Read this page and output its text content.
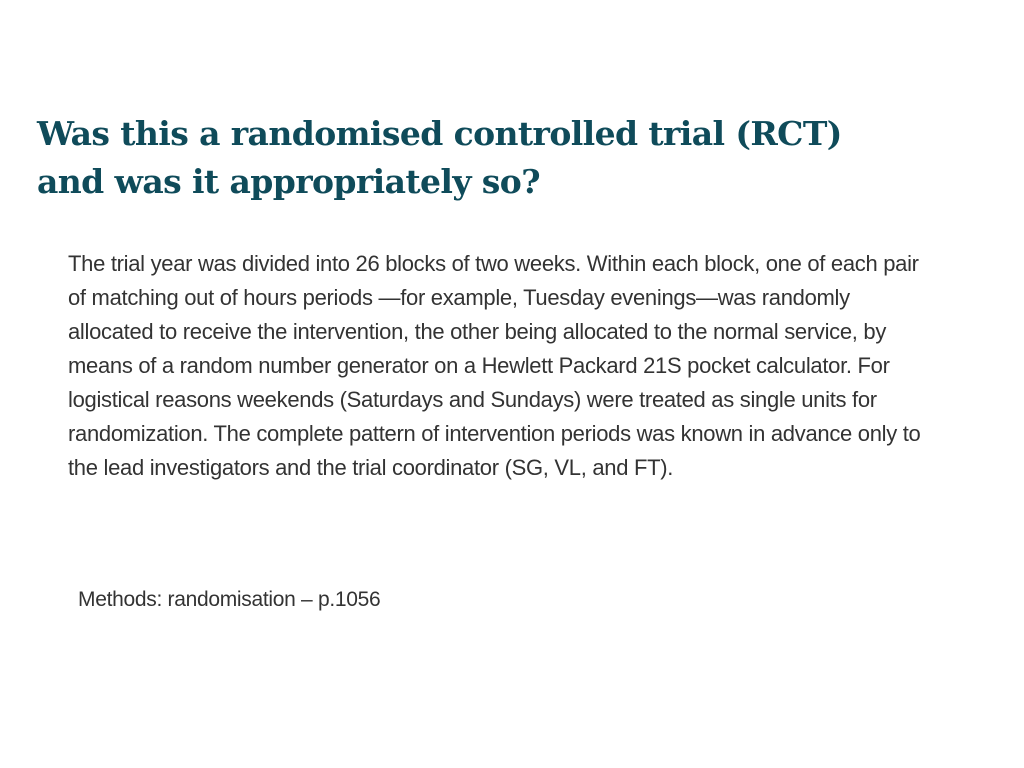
Was this a randomised controlled trial (RCT)
and was it appropriately so?

The trial year was divided into 26 blocks of two weeks. Within each block, one of each pair of matching out of hours periods —for example, Tuesday evenings—was randomly allocated to receive the intervention, the other being allocated to the normal service, by means of a random number generator on a Hewlett Packard 21S pocket calculator. For logistical reasons weekends (Saturdays and Sundays) were treated as single units for randomization. The complete pattern of intervention periods was known in advance only to the lead investigators and the trial coordinator (SG, VL, and FT).

Methods: randomisation – p.1056
